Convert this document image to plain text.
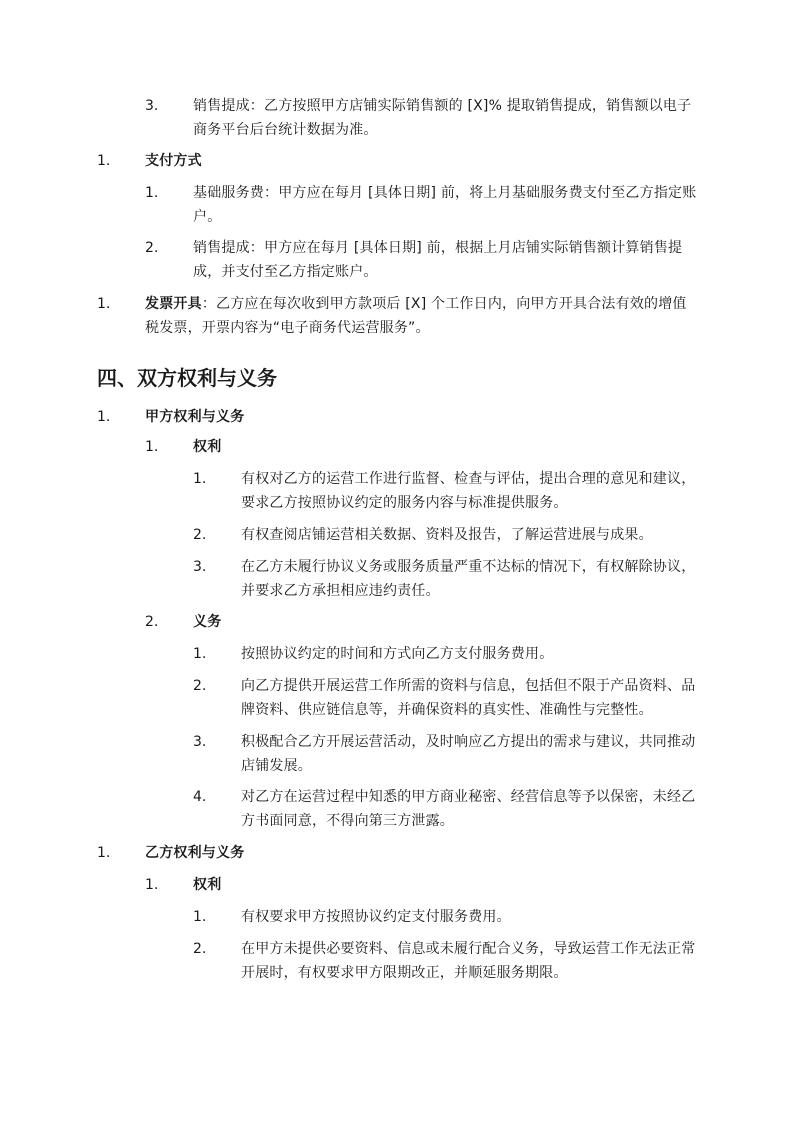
3. 销售提成：乙方按照甲方店铺实际销售额的 [X]% 提取销售提成，销售额以电子商务平台后台统计数据为准。
1. 支付方式
1. 基础服务费：甲方应在每月 [具体日期] 前，将上月基础服务费支付至乙方指定账户。
2. 销售提成：甲方应在每月 [具体日期] 前，根据上月店铺实际销售额计算销售提成，并支付至乙方指定账户。
1. 发票开具：乙方应在每次收到甲方款项后 [X] 个工作日内，向甲方开具合法有效的增值税发票，开票内容为“电子商务代运营服务”。
四、双方权利与义务
1. 甲方权利与义务
1. 权利
1. 有权对乙方的运营工作进行监督、检查与评估，提出合理的意见和建议，要求乙方按照协议约定的服务内容与标准提供服务。
2. 有权查阅店铺运营相关数据、资料及报告，了解运营进展与成果。
3. 在乙方未履行协议义务或服务质量严重不达标的情况下，有权解除协议，并要求乙方承担相应违约责任。
2. 义务
1. 按照协议约定的时间和方式向乙方支付服务费用。
2. 向乙方提供开展运营工作所需的资料与信息，包括但不限于产品资料、品牌资料、供应链信息等，并确保资料的真实性、准确性与完整性。
3. 积极配合乙方开展运营活动，及时响应乙方提出的需求与建议，共同推动店铺发展。
4. 对乙方在运营过程中知悉的甲方商业秘密、经营信息等予以保密，未经乙方书面同意，不得向第三方泄露。
1. 乙方权利与义务
1. 权利
1. 有权要求甲方按照协议约定支付服务费用。
2. 在甲方未提供必要资料、信息或未履行配合义务，导致运营工作无法正常开展时，有权要求甲方限期改正，并顺延服务期限。
